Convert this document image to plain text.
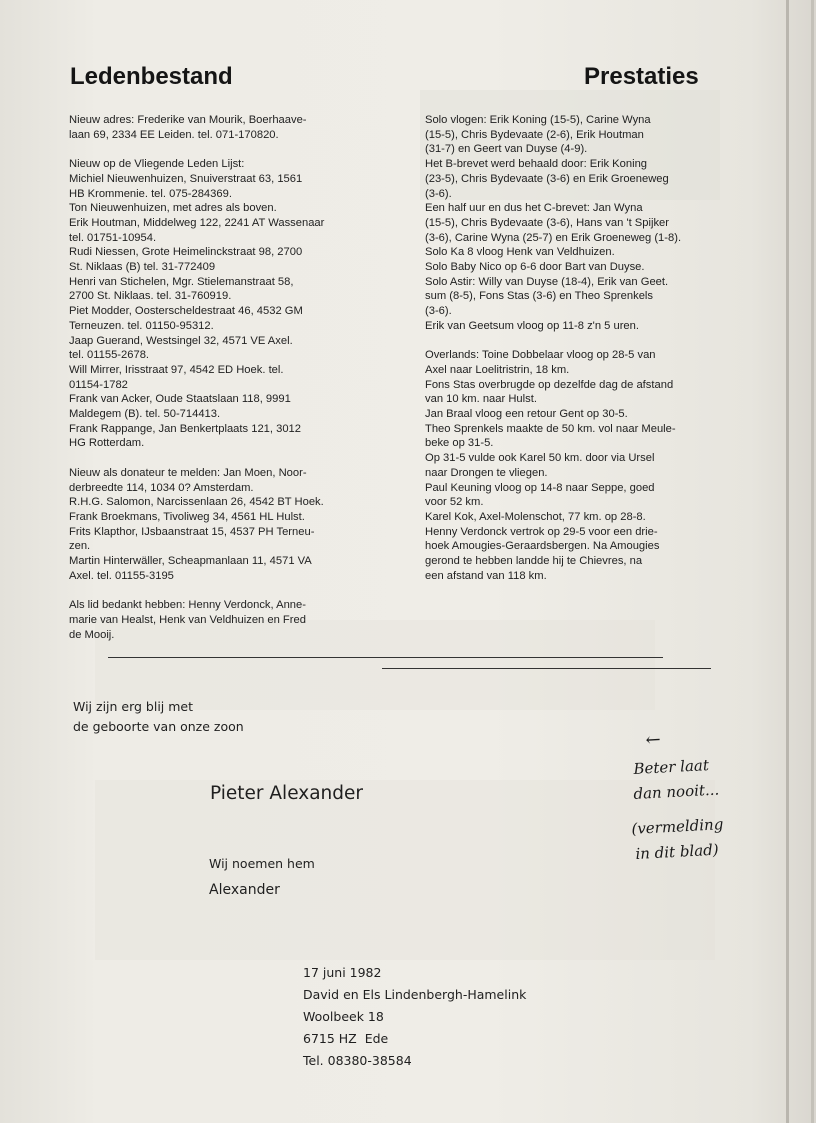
Ledenbestand	Prestaties

Nieuw adres: Frederike van Mourik, Boerhaave-
laan 69, 2334 EE Leiden. tel. 071-170820.

Nieuw op de Vliegende Leden Lijst:
Michiel Nieuwenhuizen, Snuiverstraat 63, 1561
HB Krommenie. tel. 075-284369.
Ton Nieuwenhuizen, met adres als boven.
Erik Houtman, Middelweg 122, 2241 AT Wassenaar
tel. 01751-10954.
Rudi Niessen, Grote Heimelinckstraat 98, 2700
St. Niklaas (B) tel. 31-772409
Henri van Stichelen, Mgr. Stielemanstraat 58,
2700 St. Niklaas. tel. 31-760919.
Piet Modder, Oosterscheldestraat 46, 4532 GM
Terneuzen. tel. 01150-95312.
Jaap Guerand, Westsingel 32, 4571 VE Axel.
tel. 01155-2678.
Will Mirrer, Irisstraat 97, 4542 ED Hoek. tel.
01154-1782
Frank van Acker, Oude Staatslaan 118, 9991
Maldegem (B). tel. 50-714413.
Frank Rappange, Jan Benkertplaats 121, 3012
HG Rotterdam.

Nieuw als donateur te melden: Jan Moen, Noor-
derbreedte 114, 1034 0? Amsterdam.
R.H.G. Salomon, Narcissenlaan 26, 4542 BT Hoek.
Frank Broekmans, Tivoliweg 34, 4561 HL Hulst.
Frits Klapthor, IJsbaanstraat 15, 4537 PH Terneu-
zen.
Martin Hinterwäller, Scheapmanlaan 11, 4571 VA
Axel. tel. 01155-3195

Als lid bedankt hebben: Henny Verdonck, Anne-
marie van Healst, Henk van Veldhuizen en Fred
de Mooij.

Solo vlogen: Erik Koning (15-5), Carine Wyna
(15-5), Chris Bydevaate (2-6), Erik Houtman
(31-7) en Geert van Duyse (4-9).
Het B-brevet werd behaald door: Erik Koning
(23-5), Chris Bydevaate (3-6) en Erik Groeneweg
(3-6).
Een half uur en dus het C-brevet: Jan Wyna
(15-5), Chris Bydevaate (3-6), Hans van 't Spijker
(3-6), Carine Wyna (25-7) en Erik Groeneweg (1-8).
Solo Ka 8 vloog Henk van Veldhuizen.
Solo Baby Nico op 6-6 door Bart van Duyse.
Solo Astir: Willy van Duyse (18-4), Erik van Geet.
sum (8-5), Fons Stas (3-6) en Theo Sprenkels
(3-6).
Erik van Geetsum vloog op 11-8 z'n 5 uren.

Overlands: Toine Dobbelaar vloog op 28-5 van
Axel naar Loelitristrin, 18 km.
Fons Stas overbrugde op dezelfde dag de afstand
van 10 km. naar Hulst.
Jan Braal vloog een retour Gent op 30-5.
Theo Sprenkels maakte de 50 km. vol naar Meule-
beke op 31-5.
Op 31-5 vulde ook Karel 50 km. door via Ursel
naar Drongen te vliegen.
Paul Keuning vloog op 14-8 naar Seppe, goed
voor 52 km.
Karel Kok, Axel-Molenschot, 77 km. op 28-8.
Henny Verdonck vertrok op 29-5 voor een drie-
hoek Amougies-Geraardsbergen. Na Amougies
gerond te hebben landde hij te Chievres, na
een afstand van 118 km.

Wij zijn erg blij met
de geboorte van onze zoon
Pieter Alexander
Wij noemen hem
Alexander
17 juni 1982
David en Els Lindenbergh-Hamelink
Woolbeek 18
6715 HZ  Ede
Tel. 08380-38584
←
Beter laat
dan nooit...
(vermelding
in dit blad)
